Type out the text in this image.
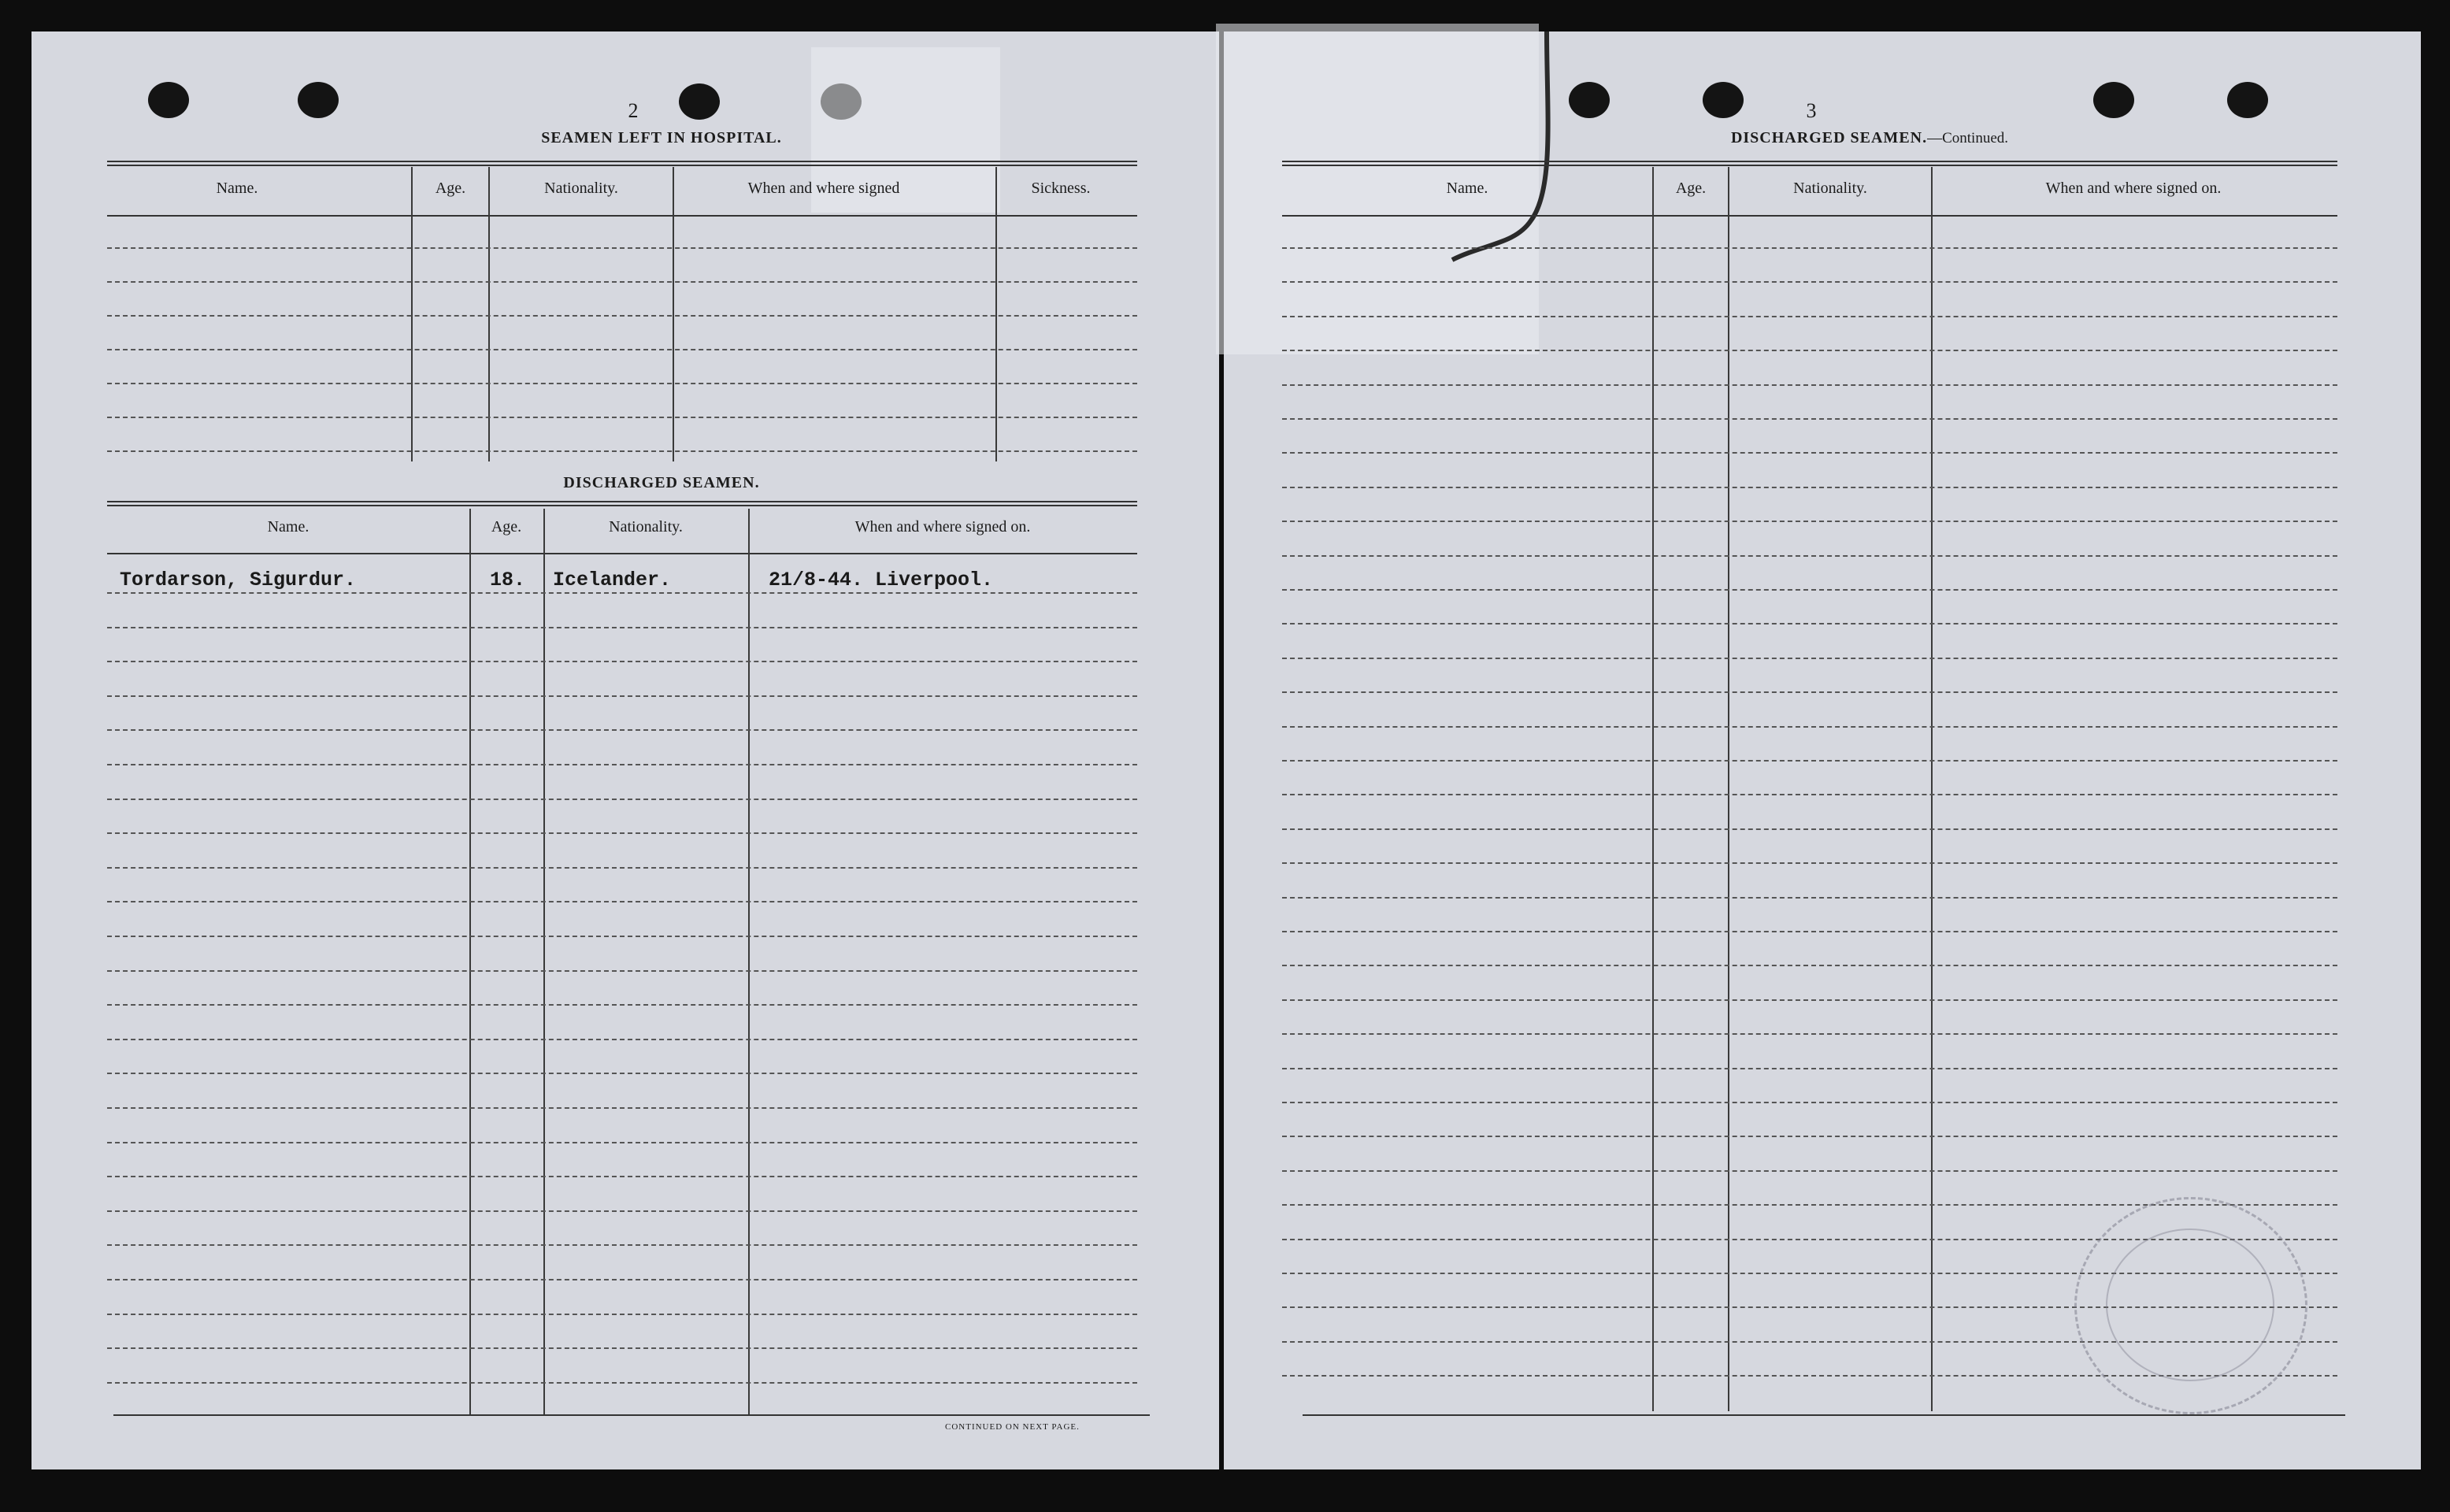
2
SEAMEN LEFT IN HOSPITAL.
Name.	Age.	Nationality.	When and where signed	Sickness.
DISCHARGED SEAMEN.
Name.	Age.	Nationality.	When and where signed on.
Tordarson, Sigurdur.	18. Icelander.	21/8-44. Liverpool.
CONTINUED ON NEXT PAGE.
3
DISCHARGED SEAMEN.—Continued.
Name.	Age.	Nationality.	When and where signed on.
